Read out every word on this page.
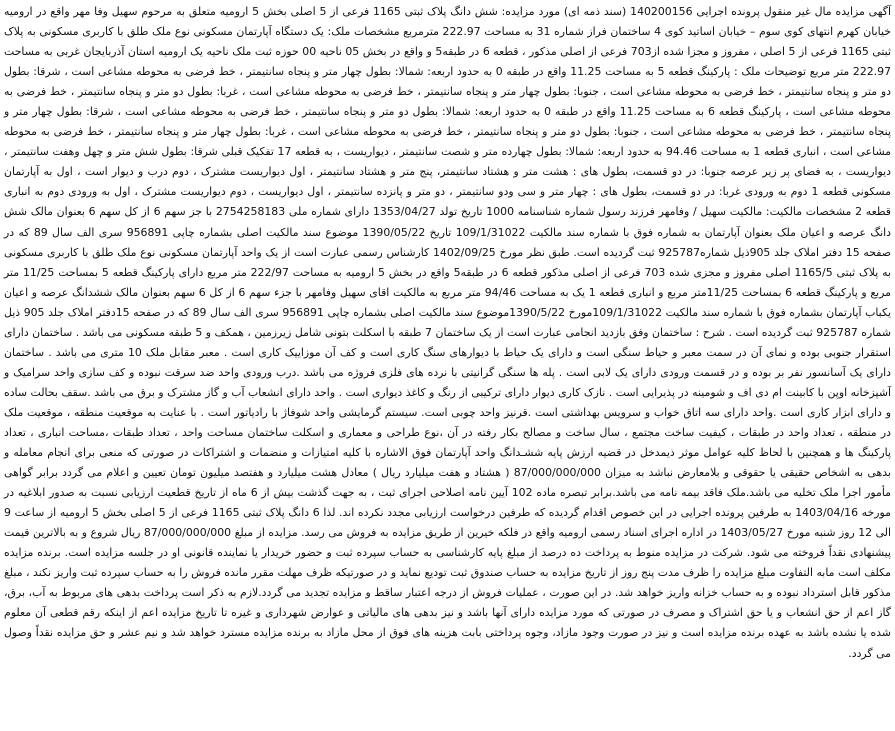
آگهی مزایده مال غیر منقول پرونده اجرایی 140200156 (سند ذمه ای) مورد مزایده: شش دانگ پلاک ثبتی 1165 فرعی از 5 اصلی بخش 5 ارومیه متعلق به مرحوم سهیل وفا مهر واقع در ارومیه خیابان کهرم انتهای کوی سوم – خیابان اساتید کوی 4 ساختمان فراز شماره 31 به مساحت 222.97 مترمربع مشخصات ملک: یک دستگاه آپارتمان مسکونی نوع ملک طلق با کاربری مسکونی به پلاک ثبتی 1165 فرعی از 5 اصلی ، مفروز و مجزا شده از703 فرعی از اصلی مذکور ، قطعه 6 در طبقه5 و واقع در بخش 05 ناحیه 00 حوزه ثبت ملک ناحیه یک ارومیه استان آذربایجان غربی به مساحت 222.97 متر مربع توضیحات ملک : پارکینگ قطعه 5 به مساحت 11.25 واقع در طبقه 0 به حدود اربعه: شمالا: بطول چهار متر و پنجاه سانتیمتر ، خط فرضی به محوطه مشاعی است ، شرقا: بطول دو متر و پنجاه سانتیمتر ، خط فرضی به محوطه مشاعی است ، جنوبا: بطول چهار متر و پنجاه سانتیمتر ، خط فرضی به محوطه مشاعی است ، غربا: بطول دو متر و پنجاه سانتیمتر ، خط فرضی به محوطه مشاعی است ، پارکینگ قطعه 6 به مساحت 11.25 واقع در طبقه 0 به حدود اربعه: شمالا: بطول دو متر و پنجاه سانتیمتر ، خط فرضی به محوطه مشاعی است ، شرقا: بطول چهار متر و پنجاه سانتیمتر ، خط فرضی به محوطه مشاعی است ، جنوبا: بطول دو متر و پنجاه سانتیمتر ، خط فرضی به محوطه مشاعی است ، غربا: بطول چهار متر و پنجاه سانتیمتر ، خط فرضی به محوطه مشاعی است ، انباری قطعه 1 به مساحت 94.46 به حدود اربعه: شمالا: بطول چهارده متر و شصت سانتیمتر ، دیواریست ، به قطعه 17 تفکیک قبلی شرقا: بطول شش متر و چهل وهفت سانتیمتر ، دیواریست ، به فضای پر زیر عرصه جنوبا: در دو قسمت، بطول های : هشت متر و هشتاد سانتیمتر، پنج متر و هشتاد سانتیمتر ، اول دیواریست مشترک ، دوم درب و دیوار است ، اول به آپارتمان مسکونی قطعه 1 دوم به ورودی غربا: در دو قسمت، بطول های : چهار متر و سی ودو سانتیمتر ، دو متر و پانزده سانتیمتر ، اول دیواریست ، دوم دیواریست مشترک ، اول به ورودی دوم به انباری قطعه 2 مشخصات مالکیت: مالکیت سهیل / وفامهر فرزند رسول شماره شناسنامه 1000 تاریخ تولد 1353/04/27 دارای شماره ملی 2754258183 با جز سهم 6 از کل سهم 6 بعنوان مالک شش دانگ عرصه و اعیان ملک بعنوان آپارتمان به شماره فوق با شماره سند مالکیت 109/1/31022 تاریخ 1390/05/22 موضوع سند مالکیت اصلی بشماره چاپی 956891 سری الف سال 89 که در صفحه 15 دفتر املاک جلد 905ذیل شماره925787 ثبت گردیده است. طبق نظر مورخ 1402/09/25 کارشناس رسمی عبارت است از یک واحد آپارتمان مسکونی نوع ملک طلق با کاربری مسکونی به پلاک ثبتی 1165/5 اصلی مفروز و مجزی شده 703 فرعی از اصلی مذکور قطعه 6 در طبقه5 واقع در بخش 5 ارومیه به مساحت 222/97 متر مربع دارای پارکینگ قطعه 5 بمساحت 11/25 متر مربع و پارکینگ قطعه 6 بمساحت 11/25متر مربع و انباری قطعه 1 یک به مساحت 94/46 متر مربع به مالکیت اقای سهیل وفامهر با جزء سهم 6 از کل 6 سهم بعنوان مالک ششدانگ عرصه و اعیان یکباب آپارتمان بشماره فوق با شماره سند مالکیت 109/1/31022مورخ 1390/5/22موضوع سند مالکیت اصلی بشماره چاپی 956891 سری الف سال 89 که در صفحه 15دفتر املاک جلد 905 ذیل شماره 925787 ثبت گردیده است . شرح : ساختمان وفق بازدید انجامی عبارت است از یک ساختمان 7 طبقه با اسکلت بتونی شامل زیرزمین ، همکف و 5 طبقه مسکونی می باشد . ساختمان دارای استقرار جنوبی بوده و نمای آن در سمت معبر و حیاط سنگی است و دارای یک حیاط با دیوارهای سنگ کاری است و کف آن موزاییک کاری است . معبر مقابل ملک 10 متری می باشد . ساختمان دارای یک آسانسور نفر بر بوده و در قسمت ورودی دارای یک لابی است . پله ها سنگی گرانیتی با نرده های فلزی فروژه می باشد .درب ورودی واحد ضد سرقت نبوده و کف سازی واحد سرامیک و آشپزخانه اوپن با کابینت ام دی اف و شومینه در پذیرایی است . نازک کاری دیوار دارای ترکیبی از رنگ و کاغذ دیواری است . واحد دارای انشعاب آب و گاز مشترک و برق می باشد .سقف بحالت ساده و دارای ابزار کاری است .واحد دارای سه اتاق خواب و سرویس بهداشتی است .قرنیز واحد چوبی است. سیستم گرمایشی واحد شوفاژ با رادیاتور است . با عنایت به موقعیت منطقه ، موقعیت ملک در منطقه ، تعداد واحد در طبقات ، کیفیت ساخت مجتمع ، سال ساخت و مصالح بکار رفته در آن ،نوع طراحی و معماری و اسکلت ساختمان مساحت واحد ، تعداد طبقات ،مساحت انباری ، تعداد پارکینگ ها و همچنین با لحاظ کلیه عوامل موثر ذیمدخل در قضیه ارزش پایه ششـدانگ واحد آپارتمان فوق الاشاره با کلیه امتیازات و منضمات و اشتراکات در صورتی که منعی برای انجام معامله و بدهی به اشخاص حقیقی یا حقوقی و بلامعارض نباشد به میزان 87/000/000/000 ( هشتاد و هفت میلیارد ریال ) معادل هشت میلیارد و هفتصد میلیون تومان تعیین و اعلام می گردد برابر گواهی مأمور اجرا ملک تخلیه می باشد.ملک فاقد بیمه نامه می باشد.برابر تبصره ماده 102 آیین نامه اصلاحی اجرای ثبت ، به جهت گذشت بیش از 6 ماه از تاریخ قطعیت ارزیابی نسبت به صدور ابلاغیه در مورخه 1403/04/16 به طرفین پرونده اجرایی در این خصوص اقدام گردیده که طرفین درخواست ارزیابی مجدد نکرده اند. لذا 6 دانگ پلاک ثبتی 1165 فرعی از 5 اصلی بخش 5 ارومیه از ساعت 9 الی 12 روز شنبه مورخ 1403/05/27 در اداره اجرای اسناد رسمی ارومیه واقع در فلکه خیرین از طریق مزایده به فروش می رسد. مزایده از مبلغ 87/000/000/000 ریال شروع و به بالاترین قیمت پیشنهادی نقداً فروخته می شود. شرکت در مزایده منوط به پرداخت ده درصد از مبلغ پایه کارشناسی به حساب سپرده ثبت و حضور خریدار یا نماینده قانونی او در جلسه مزایده است. برنده مزایده مکلف است مابه التفاوت مبلغ مزایده را ظرف مدت پنج روز از تاریخ مزایده به حساب صندوق ثبت تودیع نماید و در صورتیکه ظرف مهلت مقرر مانده فروش را به حساب سپرده ثبت واریز نکند ، مبلغ مذکور قابل استرداد نبوده و به حساب خزانه واریز خواهد شد. در این صورت ، عملیات فروش از درجه اعتبار ساقط و مزایده تجدید می گردد.لازم به ذکر است پرداخت بدهی های مربوط به آب، برق، گاز اعم از حق انشعاب و یا حق اشتراک و مصرف در صورتی که مورد مزایده دارای آنها باشد و نیز بدهی های مالیاتی و عوارض شهرداری و غیره تا تاریخ مزایده اعم از اینکه رقم قطعی آن معلوم شده یا نشده باشد به عهده برنده مزایده است و نیز در صورت وجود مازاد، وجوه پرداختی بابت هزینه های فوق از محل مازاد به برنده مزایده مسترد خواهد شد و نیم عشر و حق مزایده نقداً وصول می گردد.
